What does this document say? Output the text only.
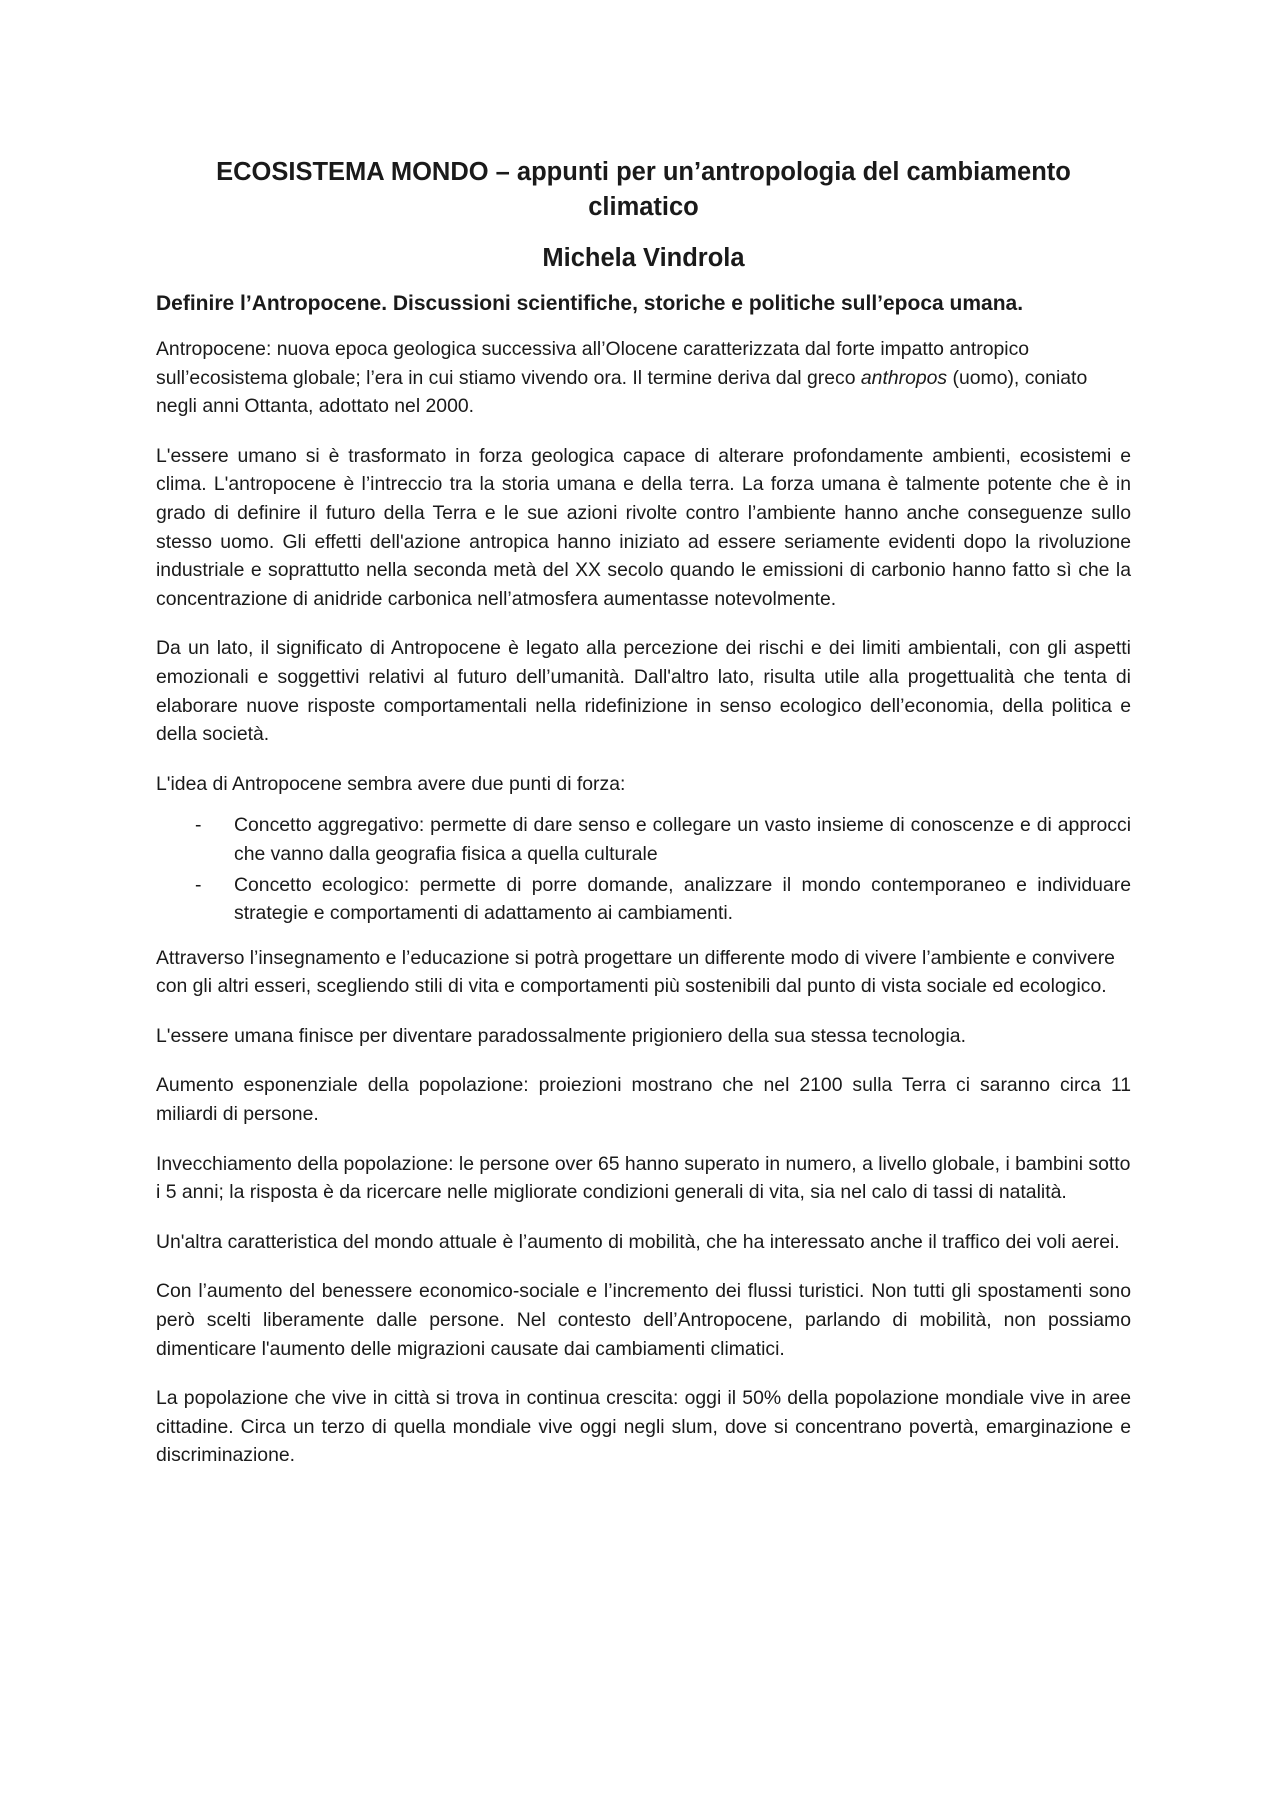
ECOSISTEMA MONDO – appunti per un’antropologia del cambiamento climatico
Michela Vindrola
Definire l’Antropocene. Discussioni scientifiche, storiche e politiche sull’epoca umana.

Antropocene: nuova epoca geologica successiva all’Olocene caratterizzata dal forte impatto antropico sull’ecosistema globale; l’era in cui stiamo vivendo ora. Il termine deriva dal greco anthropos (uomo), coniato negli anni Ottanta, adottato nel 2000.

L'essere umano si è trasformato in forza geologica capace di alterare profondamente ambienti, ecosistemi e clima. L'antropocene è l’intreccio tra la storia umana e della terra. La forza umana è talmente potente che è in grado di definire il futuro della Terra e le sue azioni rivolte contro l’ambiente hanno anche conseguenze sullo stesso uomo. Gli effetti dell'azione antropica hanno iniziato ad essere seriamente evidenti dopo la rivoluzione industriale e soprattutto nella seconda metà del XX secolo quando le emissioni di carbonio hanno fatto sì che la concentrazione di anidride carbonica nell’atmosfera aumentasse notevolmente.

Da un lato, il significato di Antropocene è legato alla percezione dei rischi e dei limiti ambientali, con gli aspetti emozionali e soggettivi relativi al futuro dell’umanità. Dall'altro lato, risulta utile alla progettualità che tenta di elaborare nuove risposte comportamentali nella ridefinizione in senso ecologico dell’economia, della politica e della società.

L'idea di Antropocene sembra avere due punti di forza:

- Concetto aggregativo: permette di dare senso e collegare un vasto insieme di conoscenze e di approcci che vanno dalla geografia fisica a quella culturale
- Concetto ecologico: permette di porre domande, analizzare il mondo contemporaneo e individuare strategie e comportamenti di adattamento ai cambiamenti.

Attraverso l’insegnamento e l’educazione si potrà progettare un differente modo di vivere l’ambiente e convivere con gli altri esseri, scegliendo stili di vita e comportamenti più sostenibili dal punto di vista sociale ed ecologico.

L'essere umana finisce per diventare paradossalmente prigioniero della sua stessa tecnologia.

Aumento esponenziale della popolazione: proiezioni mostrano che nel 2100 sulla Terra ci saranno circa 11 miliardi di persone.

Invecchiamento della popolazione: le persone over 65 hanno superato in numero, a livello globale, i bambini sotto i 5 anni; la risposta è da ricercare nelle migliorate condizioni generali di vita, sia nel calo di tassi di natalità.

Un'altra caratteristica del mondo attuale è l’aumento di mobilità, che ha interessato anche il traffico dei voli aerei.

Con l’aumento del benessere economico-sociale e l’incremento dei flussi turistici. Non tutti gli spostamenti sono però scelti liberamente dalle persone. Nel contesto dell’Antropocene, parlando di mobilità, non possiamo dimenticare l'aumento delle migrazioni causate dai cambiamenti climatici.

La popolazione che vive in città si trova in continua crescita: oggi il 50% della popolazione mondiale vive in aree cittadine. Circa un terzo di quella mondiale vive oggi negli slum, dove si concentrano povertà, emarginazione e discriminazione.
